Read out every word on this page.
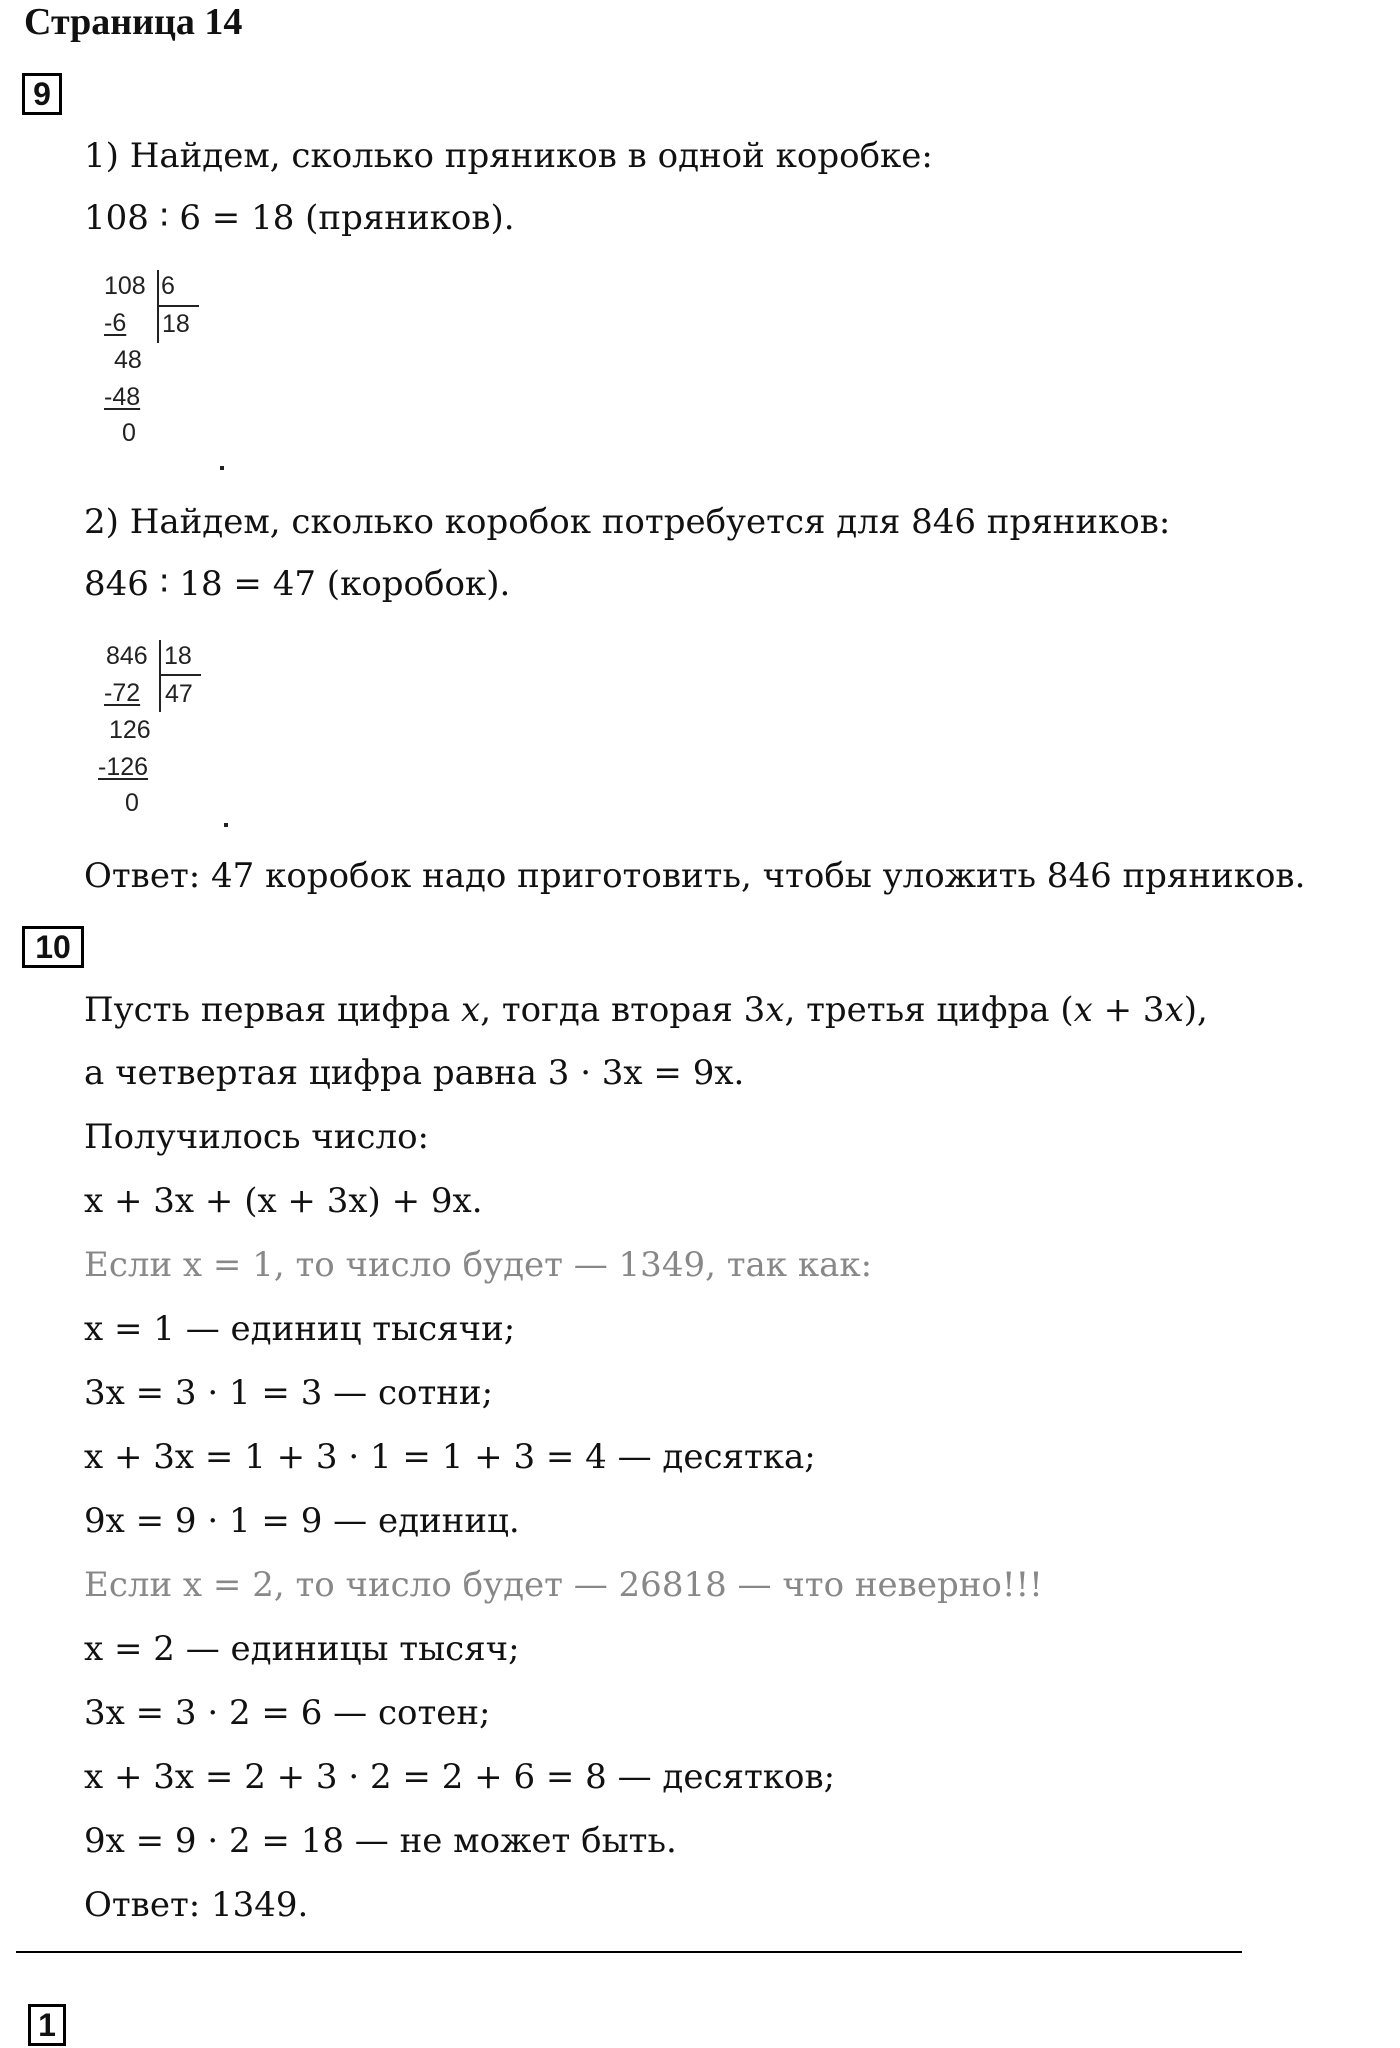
Страница 14
9
1) Найдем, сколько пряников в одной коробке:
108 ∶ 6 = 18 (пряников).
108 6
18
-6
48
-48
0
2) Найдем, сколько коробок потребуется для 846 пряников:
846 ∶ 18 = 47 (коробок).
846 18
47
-72
126
-126
0
Ответ: 47 коробок надо приготовить, чтобы уложить 846 пряников.
10
Пусть первая цифра x, тогда вторая 3x, третья цифра (x + 3x),
а четвертая цифра равна 3 · 3x = 9x.
Получилось число:
x + 3x + (x + 3x) + 9x.
Если x = 1, то число будет — 1349, так как:
x = 1 — единиц тысячи;
3x = 3 · 1 = 3 — сотни;
x + 3x = 1 + 3 · 1 = 1 + 3 = 4 — десятка;
9x = 9 · 1 = 9 — единиц.
Если x = 2, то число будет — 26818 — что неверно!!!
x = 2 — единицы тысяч;
3x = 3 · 2 = 6 — сотен;
x + 3x = 2 + 3 · 2 = 2 + 6 = 8 — десятков;
9x = 9 · 2 = 18 — не может быть.
Ответ: 1349.
1
